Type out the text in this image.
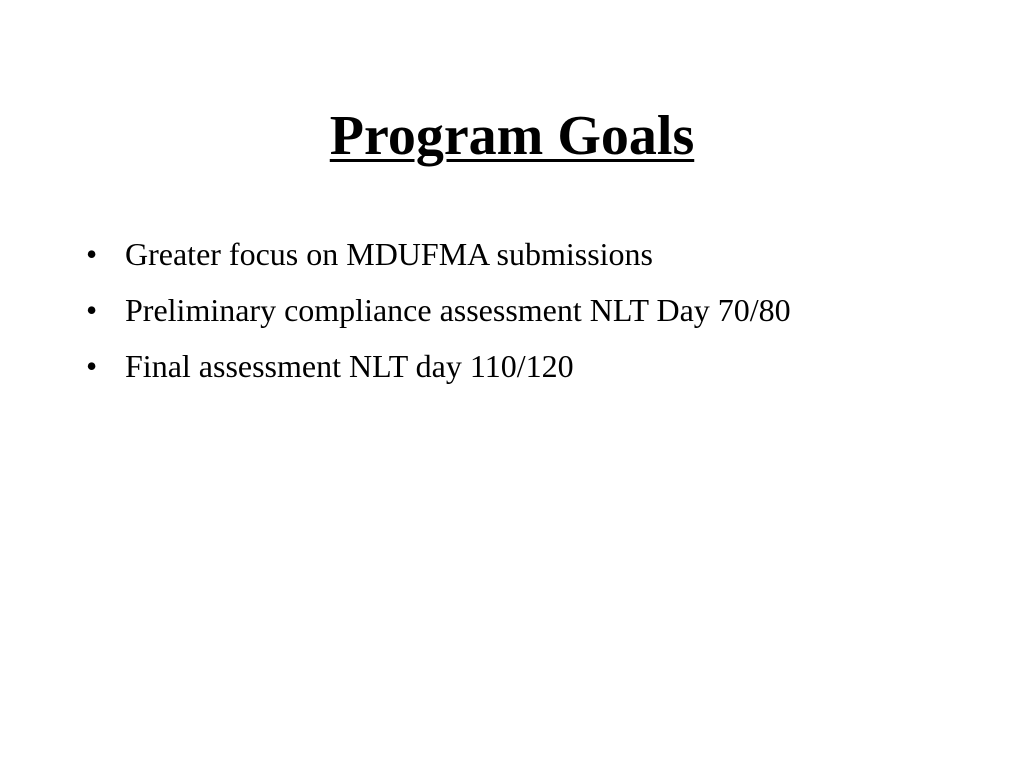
Program Goals
• Greater focus on MDUFMA submissions
• Preliminary compliance assessment NLT Day 70/80
• Final assessment NLT day 110/120
